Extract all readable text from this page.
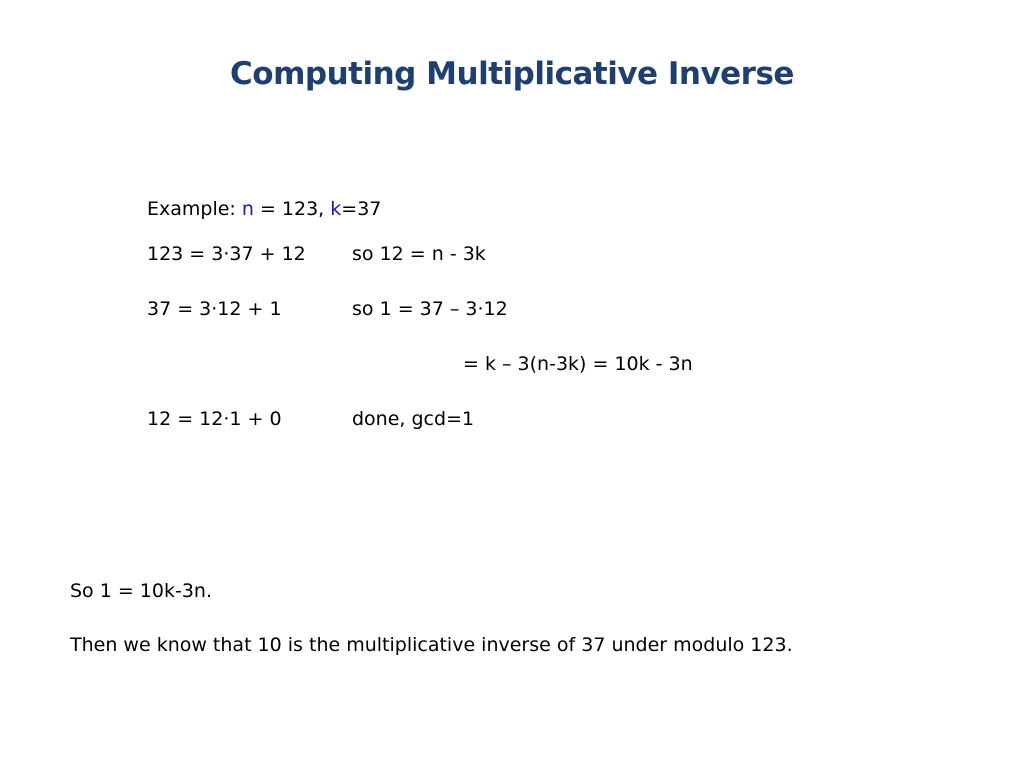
Computing Multiplicative Inverse
Example: n = 123, k=37
123 = 3·37 + 12 so 12 = n - 3k
37 = 3·12 + 1	so 1 = 37 – 3·12
= k – 3(n-3k) = 10k - 3n
12 = 12·1 + 0	done, gcd=1
So 1 = 10k-3n.
Then we know that 10 is the multiplicative inverse of 37 under modulo 123.
